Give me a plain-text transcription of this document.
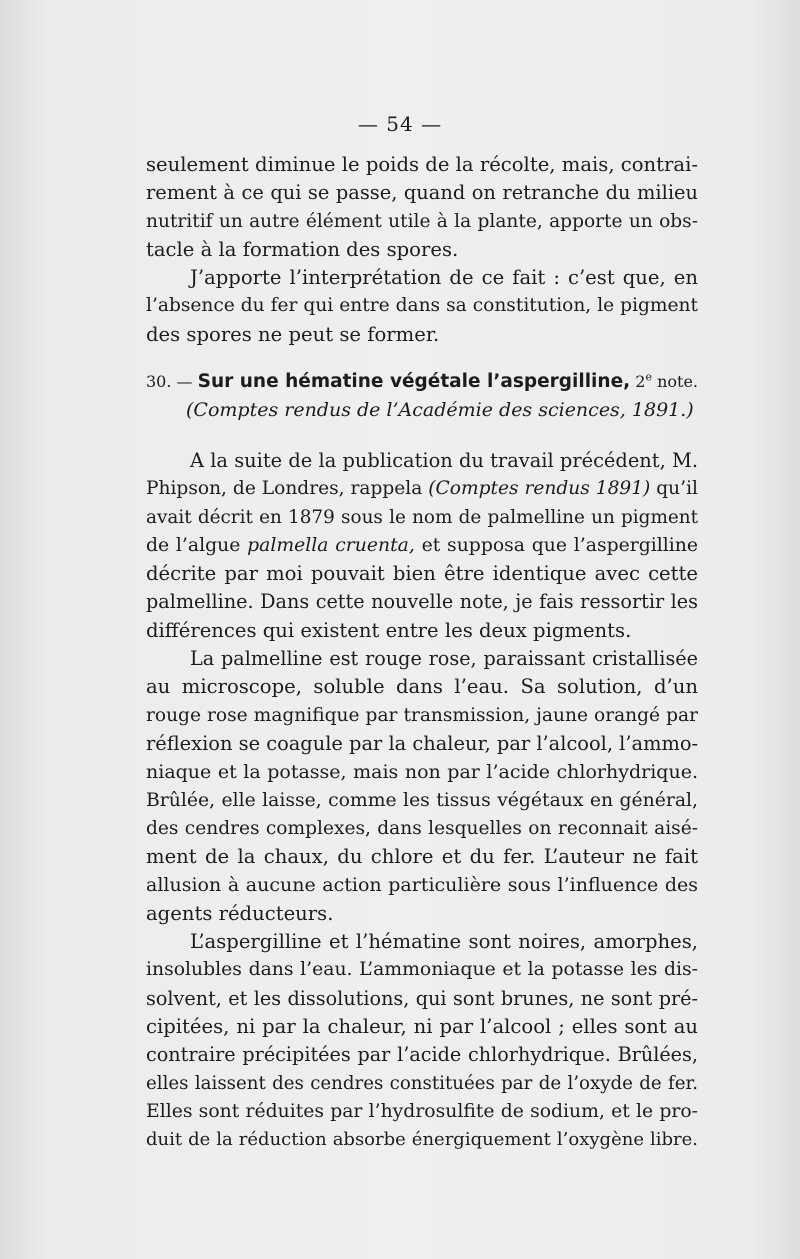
— 54 —
seulement diminue le poids de la récolte, mais, contrai-
rement à ce qui se passe, quand on retranche du milieu
nutritif un autre élément utile à la plante, apporte un obs-
tacle à la formation des spores.
J’apporte l’interprétation de ce fait : c’est que, en
l’absence du fer qui entre dans sa constitution, le pigment
des spores ne peut se former.
30. — Sur une hématine végétale l’aspergilline, 2e note.
(Comptes rendus de l’Académie des sciences, 1891.)
A la suite de la publication du travail précédent, M.
Phipson, de Londres, rappela (Comptes rendus 1891) qu’il
avait décrit en 1879 sous le nom de palmelline un pigment
de l’algue palmella cruenta, et supposa que l’aspergilline
décrite par moi pouvait bien être identique avec cette
palmelline. Dans cette nouvelle note, je fais ressortir les
différences qui existent entre les deux pigments.
La palmelline est rouge rose, paraissant cristallisée
au microscope, soluble dans l’eau. Sa solution, d’un
rouge rose magnifique par transmission, jaune orangé par
réflexion se coagule par la chaleur, par l’alcool, l’ammo-
niaque et la potasse, mais non par l’acide chlorhydrique.
Brûlée, elle laisse, comme les tissus végétaux en général,
des cendres complexes, dans lesquelles on reconnait aisé-
ment de la chaux, du chlore et du fer. L’auteur ne fait
allusion à aucune action particulière sous l’influence des
agents réducteurs.
L’aspergilline et l’hématine sont noires, amorphes,
insolubles dans l’eau. L’ammoniaque et la potasse les dis-
solvent, et les dissolutions, qui sont brunes, ne sont pré-
cipitées, ni par la chaleur, ni par l’alcool ; elles sont au
contraire précipitées par l’acide chlorhydrique. Brûlées,
elles laissent des cendres constituées par de l’oxyde de fer.
Elles sont réduites par l’hydrosulfite de sodium, et le pro-
duit de la réduction absorbe énergiquement l’oxygène libre.
